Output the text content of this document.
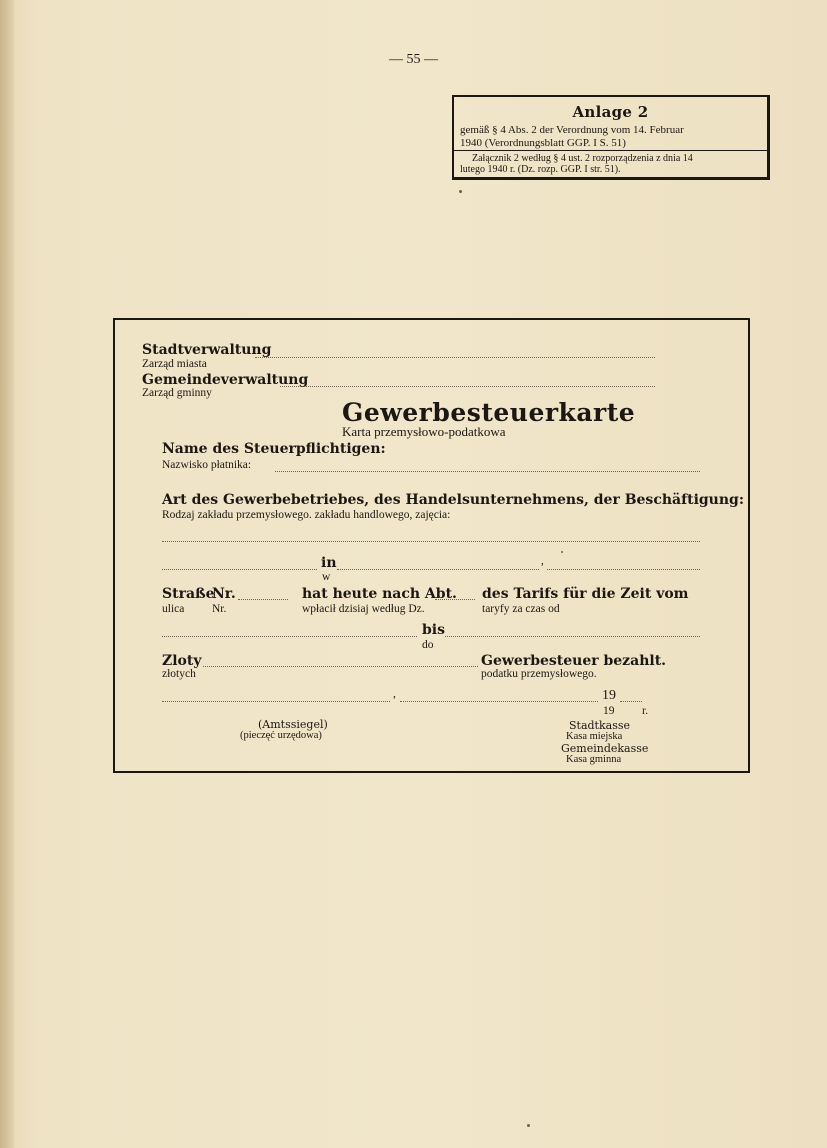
— 55 —
Anlage 2
gemäß § 4 Abs. 2 der Verordnung vom 14. Februar
1940 (Verordnungsblatt GGP. I S. 51)
Załącznik 2 według § 4 ust. 2 rozporządzenia z dnia 14
lutego 1940 r. (Dz. rozp. GGP. I str. 51).
Stadtverwaltung
Zarząd miasta
Gemeindeverwaltung
Zarząd gminny
Gewerbesteuerkarte
Karta przemysłowo-podatkowa
Name des Steuerpflichtigen:
Nazwisko płatnika:
Art des Gewerbebetriebes, des Handelsunternehmens, der Beschäftigung:
Rodzaj zakładu przemysłowego. zakładu handlowego, zajęcia:
in	,
w
Straße
Nr.	hat heute nach Abt. des Tarifs für die Zeit vom
ulica Nr.	wpłacił dzisiaj według Dz.	taryfy za czas od
bis
do
Zloty	Gewerbesteuer bezahlt.
złotych	podatku przemysłowego.
,	19
19 r.
(Amtssiegel)
(pieczęć urzędowa)
Stadtkasse
Kasa miejska
Gemeindekasse
Kasa gminna
